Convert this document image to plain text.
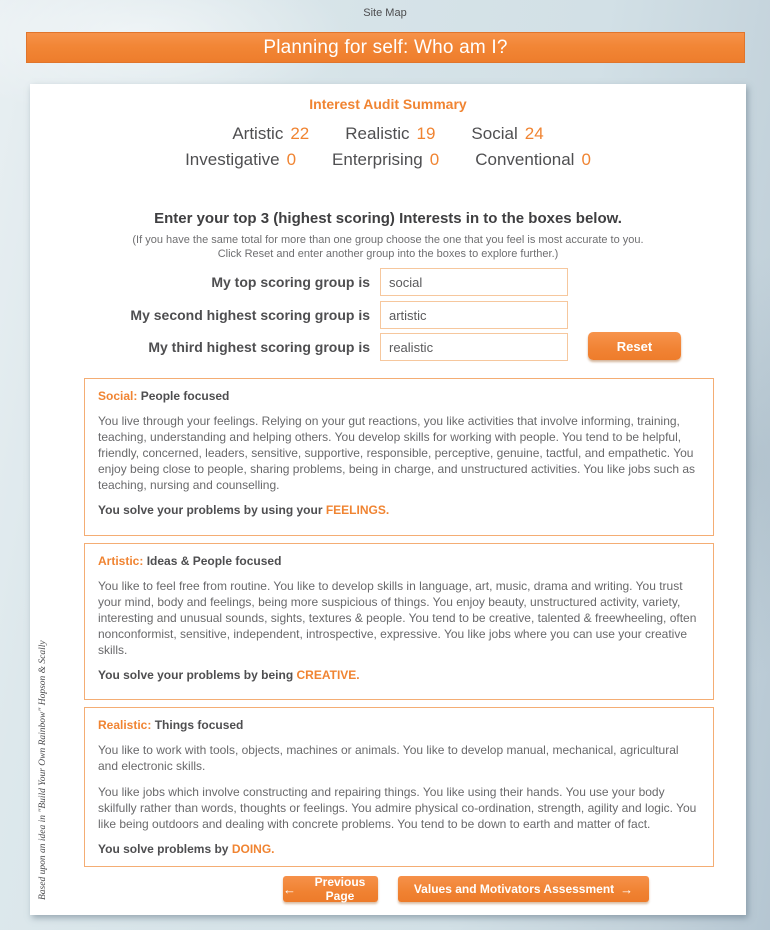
Site Map
Planning for self: Who am I?
Interest Audit Summary
Artistic 22 Realistic 19 Social 24
Investigative 0 Enterprising 0 Conventional 0
Enter your top 3 (highest scoring) Interests in to the boxes below.
(If you have the same total for more than one group choose the one that you feel is most accurate to you.
Click Reset and enter another group into the boxes to explore further.)
My top scoring group is
social
My second highest scoring group is
artistic
My third highest scoring group is
realistic	Reset
Social: People focused

You live through your feelings. Relying on your gut reactions, you like activities that involve informing, training, teaching, understanding and helping others. You develop skills for working with people. You tend to be helpful, friendly, concerned, leaders, sensitive, supportive, responsible, perceptive, genuine, tactful, and empathetic. You enjoy being close to people, sharing problems, being in charge, and unstructured activities. You like jobs such as teaching, nursing and counselling.

You solve your problems by using your FEELINGS.
Artistic: Ideas & People focused

You like to feel free from routine. You like to develop skills in language, art, music, drama and writing. You trust your mind, body and feelings, being more suspicious of things. You enjoy beauty, unstructured activity, variety, interesting and unusual sounds, sights, textures & people. You tend to be creative, talented & freewheeling, often nonconformist, sensitive, independent, introspective, expressive. You like jobs where you can use your creative skills.

You solve your problems by being CREATIVE.
Realistic: Things focused

You like to work with tools, objects, machines or animals. You like to develop manual, mechanical, agricultural and electronic skills.

You like jobs which involve constructing and repairing things. You like using their hands. You use your body skilfully rather than words, thoughts or feelings. You admire physical co-ordination, strength, agility and logic. You like being outdoors and dealing with concrete problems. You tend to be down to earth and matter of fact.

You solve problems by DOING.
←	Previous Page	Values and Motivators Assessment →
Based upon an idea in "Build Your Own Rainbow" Hopson & Scally
